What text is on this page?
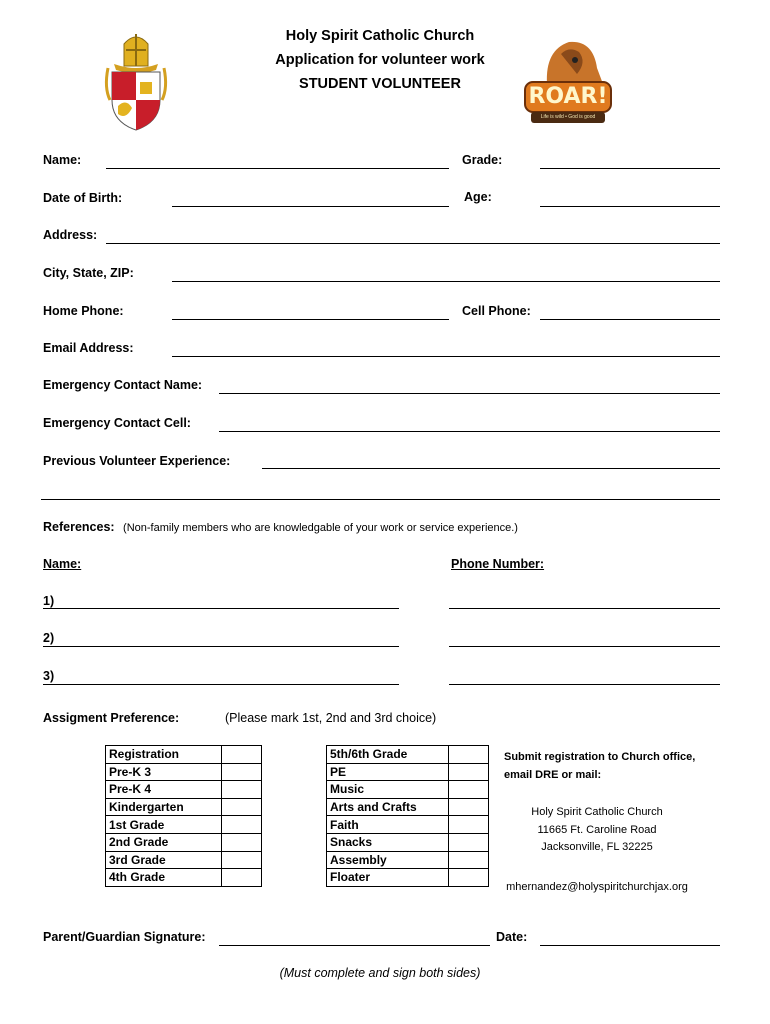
Holy Spirit Catholic Church
Application for volunteer work
STUDENT VOLUNTEER	ROAR!
Life is wild • God is good
Name:	Grade:
Date of Birth:	Age:
Address:
City, State, ZIP:
Home Phone:	Cell Phone:
Email Address:
Emergency Contact Name:
Emergency Contact Cell:
Previous Volunteer Experience:
References: (Non-family members who are knowledgable of your work or service experience.)
Name:	Phone Number:
1)
2)
3)
Assigment Preference:	(Please mark 1st, 2nd and 3rd choice)
Registration	
Pre-K 3	
Pre-K 4	
Kindergarten	
1st Grade	
2nd Grade	
3rd Grade	
4th Grade	
5th/6th Grade	
PE	
Music	
Arts and Crafts	
Faith	
Snacks	
Assembly	
Floater	
Submit registration to Church office,
email DRE or mail:
Holy Spirit Catholic Church
11665 Ft. Caroline Road
Jacksonville, FL 32225
mhernandez@holyspiritchurchjax.org
Parent/Guardian Signature:	Date:
(Must complete and sign both sides)
